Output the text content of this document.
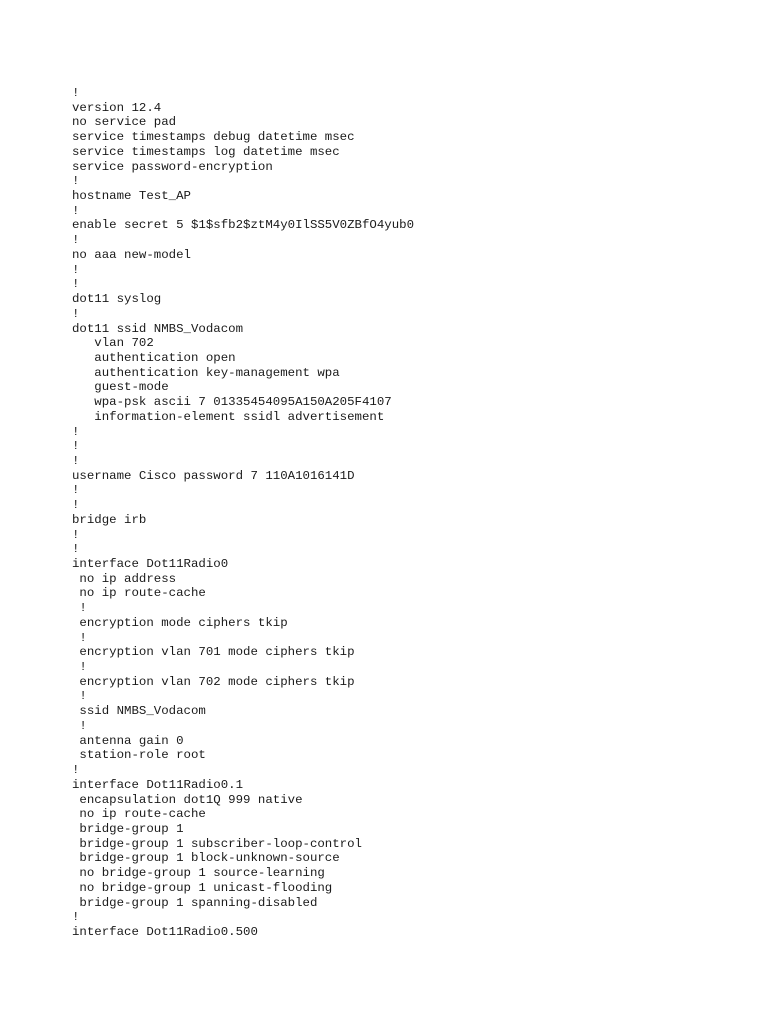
!
version 12.4
no service pad
service timestamps debug datetime msec
service timestamps log datetime msec
service password-encryption
!
hostname Test_AP
!
enable secret 5 $1$sfb2$ztM4y0IlSS5V0ZBfO4yub0
!
no aaa new-model
!
!
dot11 syslog
!
dot11 ssid NMBS_Vodacom
vlan 702
authentication open
authentication key-management wpa
guest-mode
wpa-psk ascii 7 01335454095A150A205F4107
information-element ssidl advertisement
!
!
!
username Cisco password 7 110A1016141D
!
!
bridge irb
!
!
interface Dot11Radio0
no ip address
no ip route-cache
!
encryption mode ciphers tkip
!
encryption vlan 701 mode ciphers tkip
!
encryption vlan 702 mode ciphers tkip
!
ssid NMBS_Vodacom
!
antenna gain 0
station-role root
!
interface Dot11Radio0.1
encapsulation dot1Q 999 native
no ip route-cache
bridge-group 1
bridge-group 1 subscriber-loop-control
bridge-group 1 block-unknown-source
no bridge-group 1 source-learning
no bridge-group 1 unicast-flooding
bridge-group 1 spanning-disabled
!
interface Dot11Radio0.500
